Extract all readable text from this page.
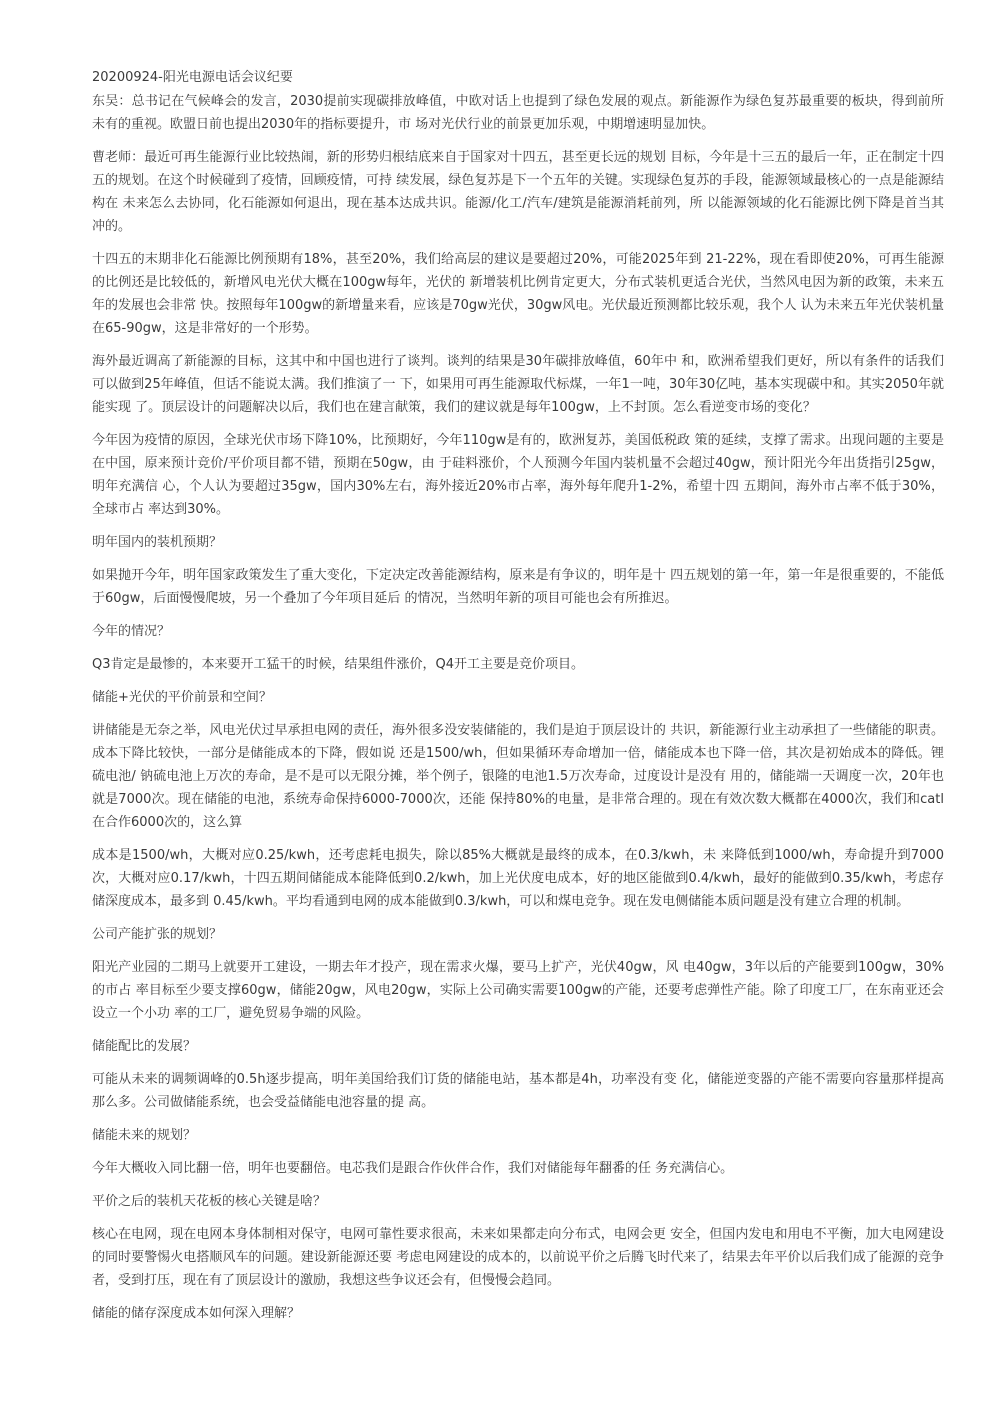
20200924-阳光电源电话会议纪要

东吴：总书记在气候峰会的发言，2030提前实现碳排放峰值，中欧对话上也提到了绿色发展的观点。新能源作为绿色复苏最重要的板块，得到前所未有的重视。欧盟日前也提出2030年的指标要提升，市 场对光伏行业的前景更加乐观，中期增速明显加快。

曹老师：最近可再生能源行业比较热闹，新的形势归根结底来自于国家对十四五，甚至更长远的规划 目标，今年是十三五的最后一年，正在制定十四五的规划。在这个时候碰到了疫情，回顾疫情，可持 续发展，绿色复苏是下一个五年的关键。实现绿色复苏的手段，能源领域最核心的一点是能源结构在 未来怎么去协同，化石能源如何退出，现在基本达成共识。能源/化工/汽车/建筑是能源消耗前列，所 以能源领域的化石能源比例下降是首当其冲的。

十四五的末期非化石能源比例预期有18%，甚至20%，我们给高层的建议是要超过20%，可能2025年到 21-22%，现在看即使20%，可再生能源的比例还是比较低的，新增风电光伏大概在100gw每年，光伏的 新增装机比例肯定更大，分布式装机更适合光伏，当然风电因为新的政策，未来五年的发展也会非常 快。按照每年100gw的新增量来看，应该是70gw光伏，30gw风电。光伏最近预测都比较乐观，我个人 认为未来五年光伏装机量在65-90gw，这是非常好的一个形势。

海外最近调高了新能源的目标，这其中和中国也进行了谈判。谈判的结果是30年碳排放峰值，60年中 和，欧洲希望我们更好，所以有条件的话我们可以做到25年峰值，但话不能说太满。我们推演了一 下，如果用可再生能源取代标煤，一年1一吨，30年30亿吨，基本实现碳中和。其实2050年就能实现 了。顶层设计的问题解决以后，我们也在建言献策，我们的建议就是每年100gw，上不封顶。怎么看逆变市场的变化？

今年因为疫情的原因，全球光伏市场下降10%，比预期好，今年110gw是有的，欧洲复苏，美国低税政 策的延续，支撑了需求。出现问题的主要是在中国，原来预计竞价/平价项目都不错，预期在50gw，由 于硅料涨价，个人预测今年国内装机量不会超过40gw，预计阳光今年出货指引25gw，明年充满信 心，个人认为要超过35gw，国内30%左右，海外接近20%市占率，海外每年爬升1-2%，希望十四 五期间，海外市占率不低于30%，全球市占 率达到30%。

明年国内的装机预期？

如果抛开今年，明年国家政策发生了重大变化，下定决定改善能源结构，原来是有争议的，明年是十 四五规划的第一年，第一年是很重要的，不能低于60gw，后面慢慢爬坡，另一个叠加了今年项目延后 的情况，当然明年新的项目可能也会有所推迟。

今年的情况？

Q3肯定是最惨的，本来要开工猛干的时候，结果组件涨价，Q4开工主要是竞价项目。

储能+光伏的平价前景和空间？

讲储能是无奈之举，风电光伏过早承担电网的责任，海外很多没安装储能的，我们是迫于顶层设计的 共识，新能源行业主动承担了一些储能的职责。成本下降比较快，一部分是储能成本的下降，假如说 还是1500/wh，但如果循环寿命增加一倍，储能成本也下降一倍，其次是初始成本的降低。锂硫电池/ 钠硫电池上万次的寿命，是不是可以无限分摊，举个例子，银隆的电池1.5万次寿命，过度设计是没有 用的，储能端一天调度一次，20年也就是7000次。现在储能的电池，系统寿命保持6000-7000次，还能 保持80%的电量，是非常合理的。现在有效次数大概都在4000次，我们和catl在合作6000次的，这么算

成本是1500/wh，大概对应0.25/kwh，还考虑耗电损失，除以85%大概就是最终的成本，在0.3/kwh，未 来降低到1000/wh，寿命提升到7000次，大概对应0.17/kwh，十四五期间储能成本能降低到0.2/kwh，加上光伏度电成本，好的地区能做到0.4/kwh，最好的能做到0.35/kwh，考虑存储深度成本，最多到 0.45/kwh。平均看通到电网的成本能做到0.3/kwh，可以和煤电竞争。现在发电侧储能本质问题是没有建立合理的机制。

公司产能扩张的规划？

阳光产业园的二期马上就要开工建设，一期去年才投产，现在需求火爆，要马上扩产，光伏40gw，风 电40gw，3年以后的产能要到100gw，30%的市占 率目标至少要支撑60gw，储能20gw，风电20gw，实际上公司确实需要100gw的产能，还要考虑弹性产能。除了印度工厂，在东南亚还会设立一个小功 率的工厂，避免贸易争端的风险。

储能配比的发展？

可能从未来的调频调峰的0.5h逐步提高，明年美国给我们订货的储能电站，基本都是4h，功率没有变 化，储能逆变器的产能不需要向容量那样提高那么多。公司做储能系统，也会受益储能电池容量的提 高。

储能未来的规划？

今年大概收入同比翻一倍，明年也要翻倍。电芯我们是跟合作伙伴合作，我们对储能每年翻番的任 务充满信心。

平价之后的装机天花板的核心关键是啥？

核心在电网，现在电网本身体制相对保守，电网可靠性要求很高，未来如果都走向分布式，电网会更 安全，但国内发电和用电不平衡，加大电网建设的同时要警惕火电搭顺风车的问题。建设新能源还要 考虑电网建设的成本的，以前说平价之后腾飞时代来了，结果去年平价以后我们成了能源的竞争者，受到打压，现在有了顶层设计的激励，我想这些争议还会有，但慢慢会趋同。

储能的储存深度成本如何深入理解？
